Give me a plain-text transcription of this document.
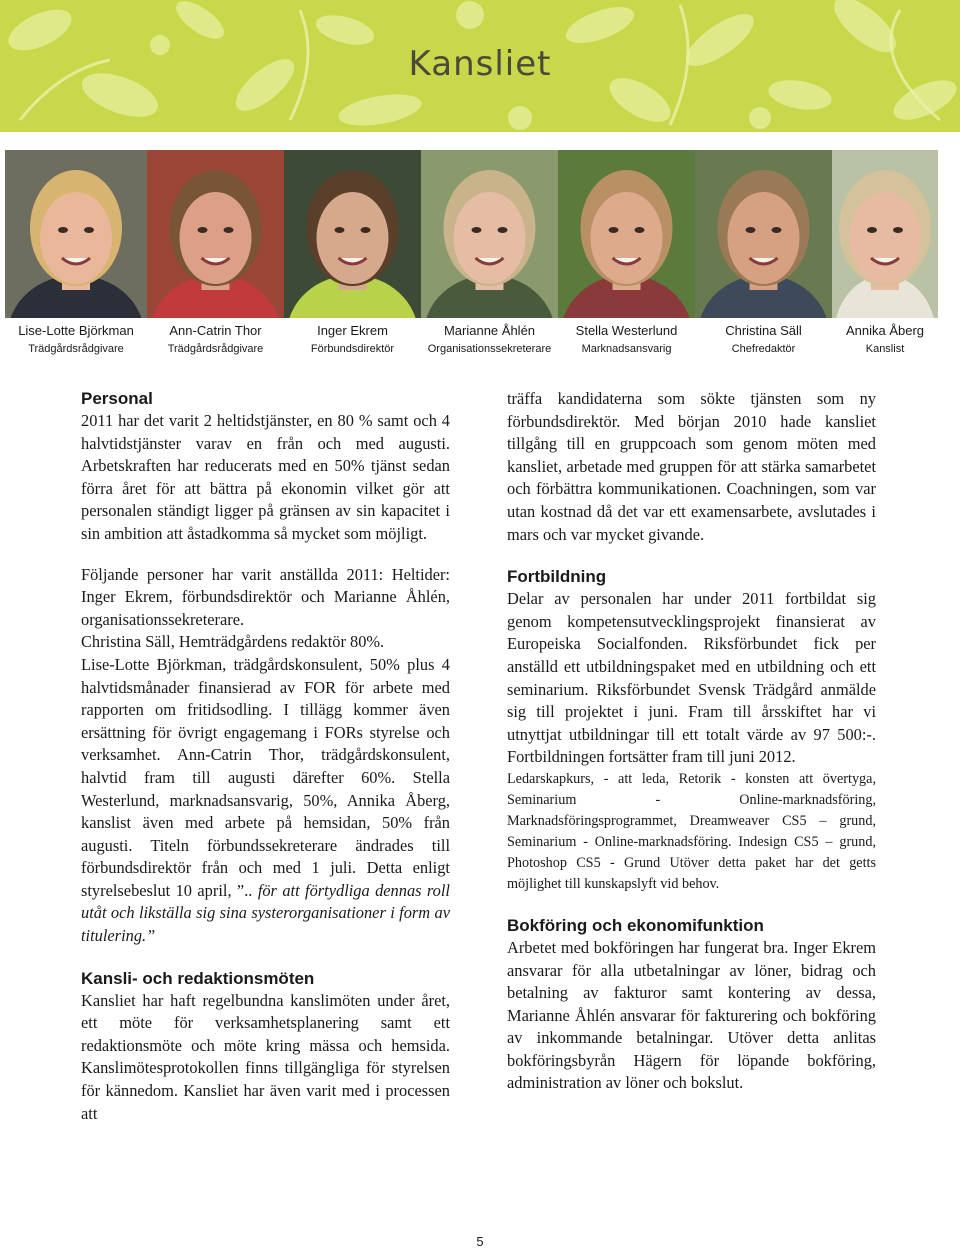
Kansliet
Lise-Lotte Björkman
Trädgårdsrådgivare
Ann-Catrin Thor
Trädgårdsrådgivare
Inger Ekrem
Förbundsdirektör
Marianne Åhlén
Organisationssekreterare
Stella Westerlund
Marknadsansvarig
Christina Säll
Chefredaktör
Annika Åberg
Kanslist
Personal

2011 har det varit 2 heltidstjänster, en 80 % samt och 4 halvtidstjänster varav en från och med augusti. Arbetskraften har reducerats med en 50% tjänst sedan förra året för att bättra på ekonomin vilket gör att personalen ständigt ligger på gränsen av sin kapacitet i sin ambition att åstadkomma så mycket som möjligt.

Följande personer har varit anställda 2011: Heltider: Inger Ekrem, förbundsdirektör och Marianne Åhlén, organisationssekreterare.

Christina Säll, Hemträdgårdens redaktör 80%.

Lise-Lotte Björkman, trädgårdskonsulent, 50% plus 4 halvtidsmånader finansierad av FOR för arbete med rapporten om fritidsodling. I tillägg kommer även ersättning för övrigt engagemang i FORs styrelse och verksamhet. Ann-Catrin Thor, trädgårdskonsulent, halvtid fram till augusti därefter 60%. Stella Westerlund, marknadsansvarig, 50%, Annika Åberg, kanslist även med arbete på hemsidan, 50% från augusti. Titeln förbundssekreterare ändrades till förbundsdirektör från och med 1 juli. Detta enligt styrelsebeslut 10 april, ”.. för att förtydliga dennas roll utåt och likställa sig sina systerorganisationer i form av titulering.”

Kansli- och redaktionsmöten

Kansliet har haft regelbundna kanslimöten under året, ett möte för verksamhetsplanering samt ett redaktionsmöte och möte kring mässa och hemsida. Kanslimötesprotokollen finns tillgängliga för styrelsen för kännedom. Kansliet har även varit med i processen att

träffa kandidaterna som sökte tjänsten som ny förbundsdirektör. Med början 2010 hade kansliet tillgång till en gruppcoach som genom möten med kansliet, arbetade med gruppen för att stärka samarbetet och förbättra kommunikationen. Coachningen, som var utan kostnad då det var ett examensarbete, avslutades i mars och var mycket givande.

Fortbildning

Delar av personalen har under 2011 fortbildat sig genom kompetensutvecklingsprojekt finansierat av Europeiska Socialfonden. Riksförbundet fick per anställd ett utbildningspaket med en utbildning och ett seminarium. Riksförbundet Svensk Trädgård anmälde sig till projektet i juni. Fram till årsskiftet har vi utnyttjat utbildningar till ett totalt värde av 97 500:-. Fortbildningen fortsätter fram till juni 2012.

Ledarskapkurs, - att leda, Retorik - konsten att övertyga, Seminarium - Online-marknadsföring, Marknadsföringsprogrammet, Dreamweaver CS5 – grund, Seminarium - Online-marknadsföring. Indesign CS5 – grund, Photoshop CS5 - Grund Utöver detta paket har det getts möjlighet till kunskapslyft vid behov.

Bokföring och ekonomifunktion

Arbetet med bokföringen har fungerat bra. Inger Ekrem ansvarar för alla utbetalningar av löner, bidrag och betalning av fakturor samt kontering av dessa, Marianne Åhlén ansvarar för fakturering och bokföring av inkommande betalningar. Utöver detta anlitas bokföringsbyrån Hägern för löpande bokföring, administration av löner och bokslut.

5
